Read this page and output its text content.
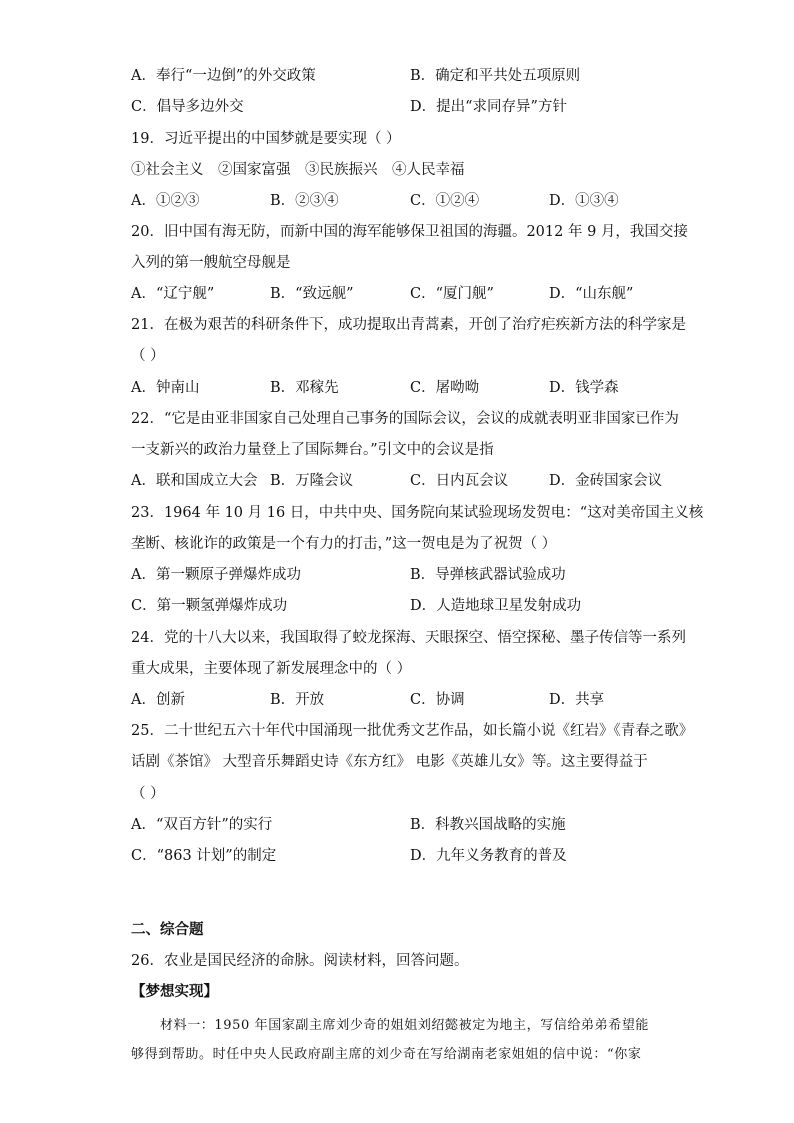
A．奉行“一边倒”的外交政策	B．确定和平共处五项原则
C．倡导多边外交	D．提出“求同存异”方针
19．习近平提出的中国梦就是要实现（ ）
①社会主义　②国家富强　③民族振兴　④人民幸福
A．①②③	B．②③④	C．①②④	D．①③④
20．旧中国有海无防，而新中国的海军能够保卫祖国的海疆。2012 年 9 月，我国交接
入列的第一艘航空母舰是
A．“辽宁舰”	B．“致远舰”	C．“厦门舰”	D．“山东舰”
21．在极为艰苦的科研条件下，成功提取出青蒿素，开创了治疗疟疾新方法的科学家是
（ ）
A．钟南山	B．邓稼先	C．屠呦呦	D．钱学森
22．“它是由亚非国家自己处理自己事务的国际会议，会议的成就表明亚非国家已作为
一支新兴的政治力量登上了国际舞台。”引文中的会议是指
A．联和国成立大会 B．万隆会议	C．日内瓦会议	D．金砖国家会议
23．1964 年 10 月 16 日，中共中央、国务院向某试验现场发贺电：“这对美帝国主义核
垄断、核讹诈的政策是一个有力的打击，”这一贺电是为了祝贺（ ）
A．第一颗原子弹爆炸成功	B．导弹核武器试验成功
C．第一颗氢弹爆炸成功	D．人造地球卫星发射成功
24．党的十八大以来，我国取得了蛟龙探海、天眼探空、悟空探秘、墨子传信等一系列
重大成果，主要体现了新发展理念中的（ ）
A．创新	B．开放	C．协调	D．共享
25．二十世纪五六十年代中国涌现一批优秀文艺作品，如长篇小说《红岩》《青春之歌》
话剧《茶馆》 大型音乐舞蹈史诗《东方红》 电影《英雄儿女》等。这主要得益于
（ ）
A．“双百方针”的实行	B．科教兴国战略的实施
C．“863 计划”的制定	D．九年义务教育的普及
二、综合题
26．农业是国民经济的命脉。阅读材料，回答问题。
【梦想实现】
材料一：1950 年国家副主席刘少奇的姐姐刘绍懿被定为地主，写信给弟弟希望能
够得到帮助。时任中央人民政府副主席的刘少奇在写给湖南老家姐姐的信中说：“你家
